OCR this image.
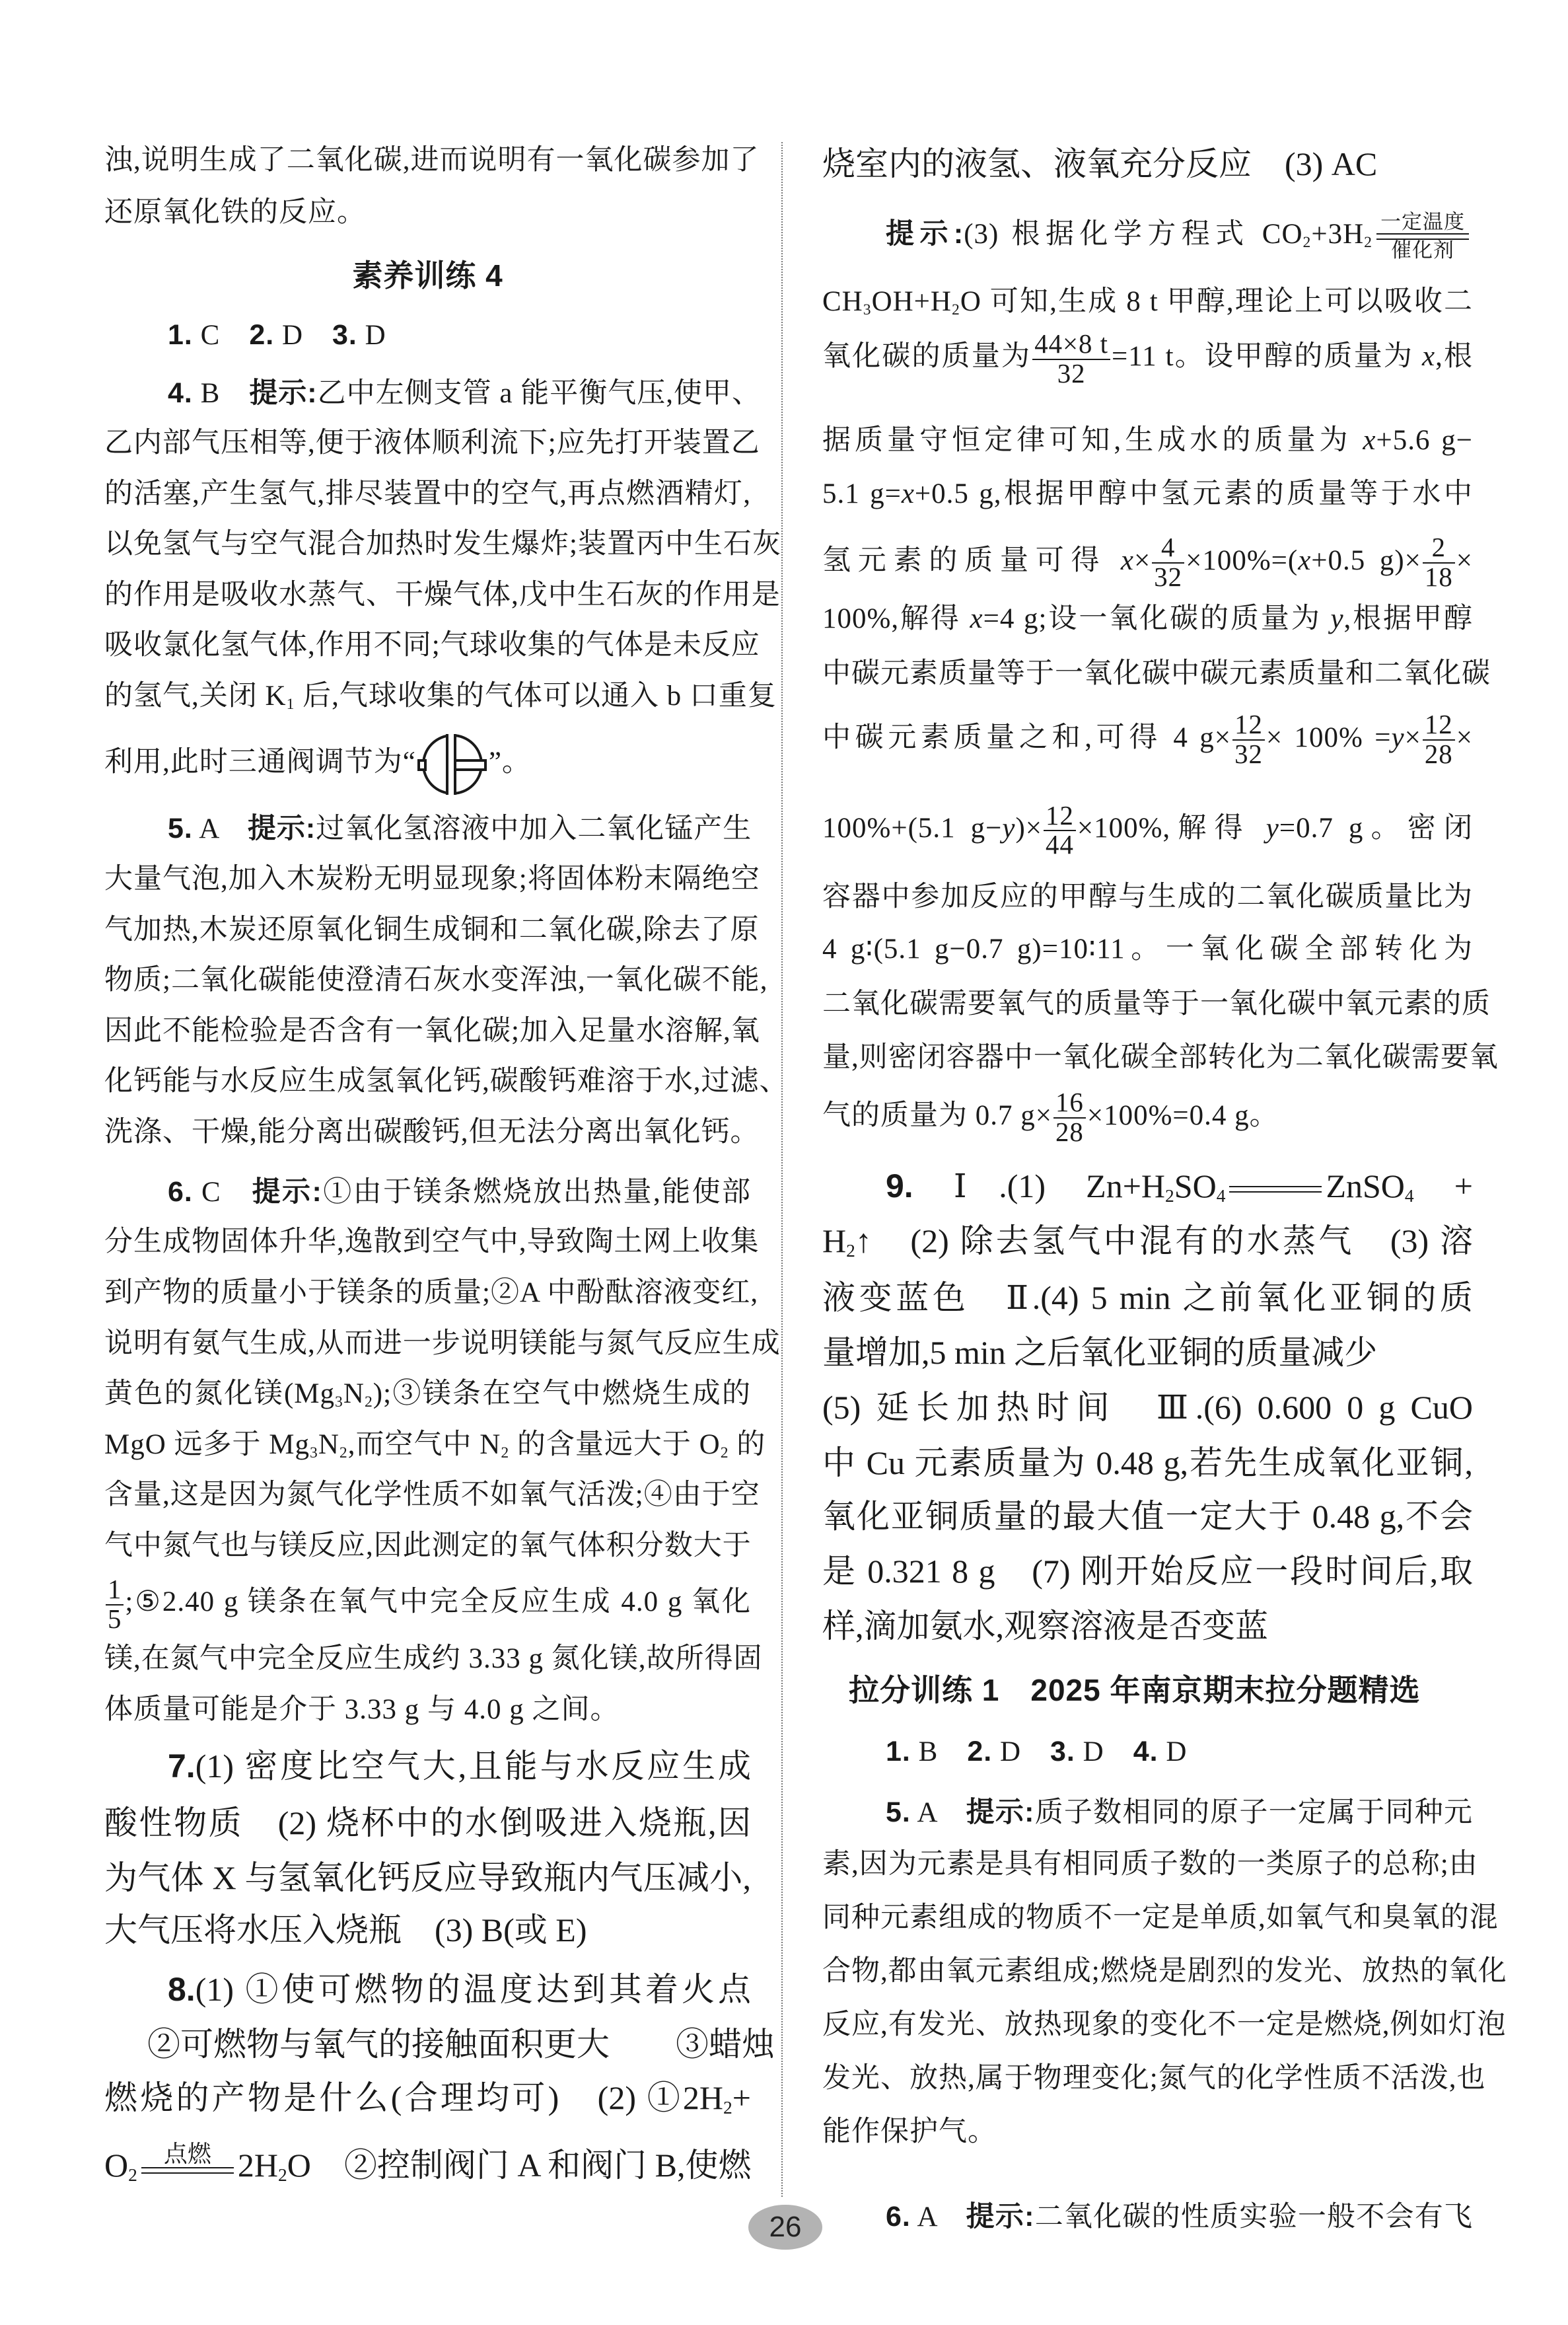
浊,说明生成了二氧化碳,进而说明有一氧化碳参加了
还原氧化铁的反应。
素养训练 4
1. C　2. D　3. D
4. B　提示:乙中左侧支管 a 能平衡气压,使甲、
乙内部气压相等,便于液体顺利流下;应先打开装置乙
的活塞,产生氢气,排尽装置中的空气,再点燃酒精灯,
以免氢气与空气混合加热时发生爆炸;装置丙中生石灰
的作用是吸收水蒸气、干燥气体,戊中生石灰的作用是
吸收氯化氢气体,作用不同;气球收集的气体是未反应
的氢气,关闭 $K_1$ 后,气球收集的气体可以通入 b 口重复
利用,此时三通阀调节为“	”。
5. A　提示:过氧化氢溶液中加入二氧化锰产生
大量气泡,加入木炭粉无明显现象;将固体粉末隔绝空
气加热,木炭还原氧化铜生成铜和二氧化碳,除去了原
物质;二氧化碳能使澄清石灰水变浑浊,一氧化碳不能,
因此不能检验是否含有一氧化碳;加入足量水溶解,氧
化钙能与水反应生成氢氧化钙,碳酸钙难溶于水,过滤、
洗涤、干燥,能分离出碳酸钙,但无法分离出氧化钙。
6. C　提示:①由于镁条燃烧放出热量,能使部
分生成物固体升华,逸散到空气中,导致陶土网上收集
到产物的质量小于镁条的质量;②A 中酚酞溶液变红,
说明有氨气生成,从而进一步说明镁能与氮气反应生成
黄色的氮化镁$(Mg_3N_2);③$镁条在空气中燃烧生成的
MgO 远多于 $Mg_3N_2$,而空气中 $N_2$ 的含量远大于 $O_2$ 的
含量,这是因为氮气化学性质不如氧气活泼;④由于空
气中氮气也与镁反应,因此测定的氧气体积分数大于
$\frac{1}{5}$ ;⑤2.40 g 镁条在氧气中完全反应生成 4.0 g 氧化
镁,在氮气中完全反应生成约 3.33 g 氮化镁,故所得固
体质量可能是介于 3.33 g 与 4.0 g 之间。
7.(1) 密度比空气大,且能与水反应生成
酸性物质　(2) 烧杯中的水倒吸进入烧瓶,因
为气体 X 与氢氧化钙反应导致瓶内气压减小,
大气压将水压入烧瓶　(3) B(或 E)
8.(1) ①使可燃物的温度达到其着火点
②可燃物与氧气的接触面积更大　　③蜡烛
燃烧的产物是什么(合理均可)　(2) $①2H_2+$
$O_2$
点燃 $2H_2O$　②控制阀门 A 和阀门 B,使燃
烧室内的液氢、液氧充分反应　(3) AC
提示:(3) 根据化学方程式 $CO_2+3H_2$
一定温度
催化剂
$CH_3OH+H_2O$ 可知,生成 8 t 甲醇,理论上可以吸收二
氧化碳的质量为 $\frac{44\times 8 t}{32} =11$ t。设甲醇的质量为 x,根
据质量守恒定律可知,生成水的质量为 x+5.6 g−
5.1 g=x+0.5 g,根据甲醇中氢元素的质量等于水中
氢元素的质量可得 $x\times \frac{4}{32} \times 100\%=(x+0.5$ $g)\times \frac{2}{18}$ ×
100%,解得 x=4 g;设一氧化碳的质量为 y,根据甲醇
中碳元素质量等于一氧化碳中碳元素质量和二氧化碳
中碳元素质量之和,可得 4 $g\times \frac{12}{32} \times 100\% =y\times \frac{12}{28}$ ×
100%+(5.1 $g-y)\times \frac{12}{44} \times 100\%$,解得 y=0.7 g。密闭
容器中参加反应的甲醇与生成的二氧化碳质量比为
4 g∶(5.1 g−0.7 g)=10∶11。一氧化碳全部转化为
二氧化碳需要氧气的质量等于一氧化碳中氧元素的质
量,则密闭容器中一氧化碳全部转化为二氧化碳需要氧
气的质量为 0.7 $g\times \frac{16}{28} \times 100\%=0.4$ g。
9. Ⅰ.(1) $Zn+H_2SO_4$	ZnSO$_4$ +
$H_2↑$　(2) 除去氢气中混有的水蒸气　(3) 溶
液变蓝色　Ⅱ.(4) 5 min 之前氧化亚铜的质
量增加,5 min 之后氧化亚铜的质量减少
(5) 延长加热时间　Ⅲ.(6) 0.600 0 g CuO
中 Cu 元素质量为 0.48 g,若先生成氧化亚铜,
氧化亚铜质量的最大值一定大于 0.48 g,不会
是 0.321 8 g　(7) 刚开始反应一段时间后,取
样,滴加氨水,观察溶液是否变蓝
拉分训练 1　2025 年南京期末拉分题精选
1. B　2. D　3. D　4. D
5. A　提示:质子数相同的原子一定属于同种元
素,因为元素是具有相同质子数的一类原子的总称;由
同种元素组成的物质不一定是单质,如氧气和臭氧的混
合物,都由氧元素组成;燃烧是剧烈的发光、放热的氧化
反应,有发光、放热现象的变化不一定是燃烧,例如灯泡
发光、放热,属于物理变化;氮气的化学性质不活泼,也
能作保护气。
6. A　提示:二氧化碳的性质实验一般不会有飞
26
